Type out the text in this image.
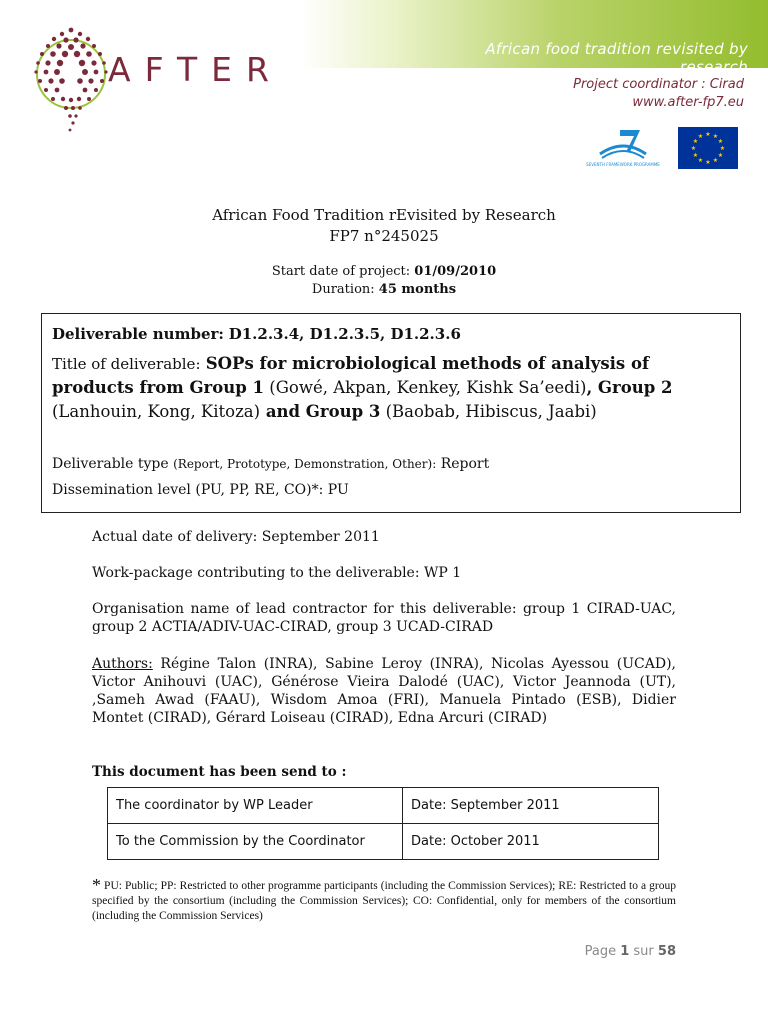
African food tradition revisited by research
Project coordinator : Cirad
www.after-fp7.eu
AFTER
SEVENTH FRAMEWORK PROGRAMME
★ ★
★
★
★
★
★
★
★
★
★
★
African Food Tradition rEvisited by Research
FP7 n°245025
Start date of project: 01/09/2010
Duration: 45 months
Deliverable number: D1.2.3.4, D1.2.3.5, D1.2.3.6
Title of deliverable: SOPs for microbiological methods of analysis of products from Group 1 (Gowé, Akpan, Kenkey, Kishk Sa’eedi), Group 2
(Lanhouin, Kong, Kitoza) and Group 3 (Baobab, Hibiscus, Jaabi)
Deliverable type (Report, Prototype, Demonstration, Other): Report
Dissemination level (PU, PP, RE, CO)*: PU
Actual date of delivery: September 2011
Work-package contributing to the deliverable: WP 1
Organisation name of lead contractor for this deliverable: group 1 CIRAD-UAC, group 2 ACTIA/ADIV-UAC-CIRAD, group 3 UCAD-CIRAD
Authors: Régine Talon (INRA), Sabine Leroy (INRA), Nicolas Ayessou (UCAD), Victor Anihouvi (UAC), Générose Vieira Dalodé (UAC), Victor Jeannoda (UT), ,Sameh Awad (FAAU), Wisdom Amoa (FRI), Manuela Pintado (ESB), Didier Montet (CIRAD), Gérard Loiseau (CIRAD), Edna Arcuri (CIRAD)
This document has been send to :
The coordinator by WP Leader	Date: September 2011
To the Commission by the Coordinator	Date: October 2011
* PU: Public; PP: Restricted to other programme participants (including the Commission Services); RE: Restricted to a group specified by the consortium (including the Commission Services); CO: Confidential, only for members of the consortium (including the Commission Services)
Page 1 sur 58
